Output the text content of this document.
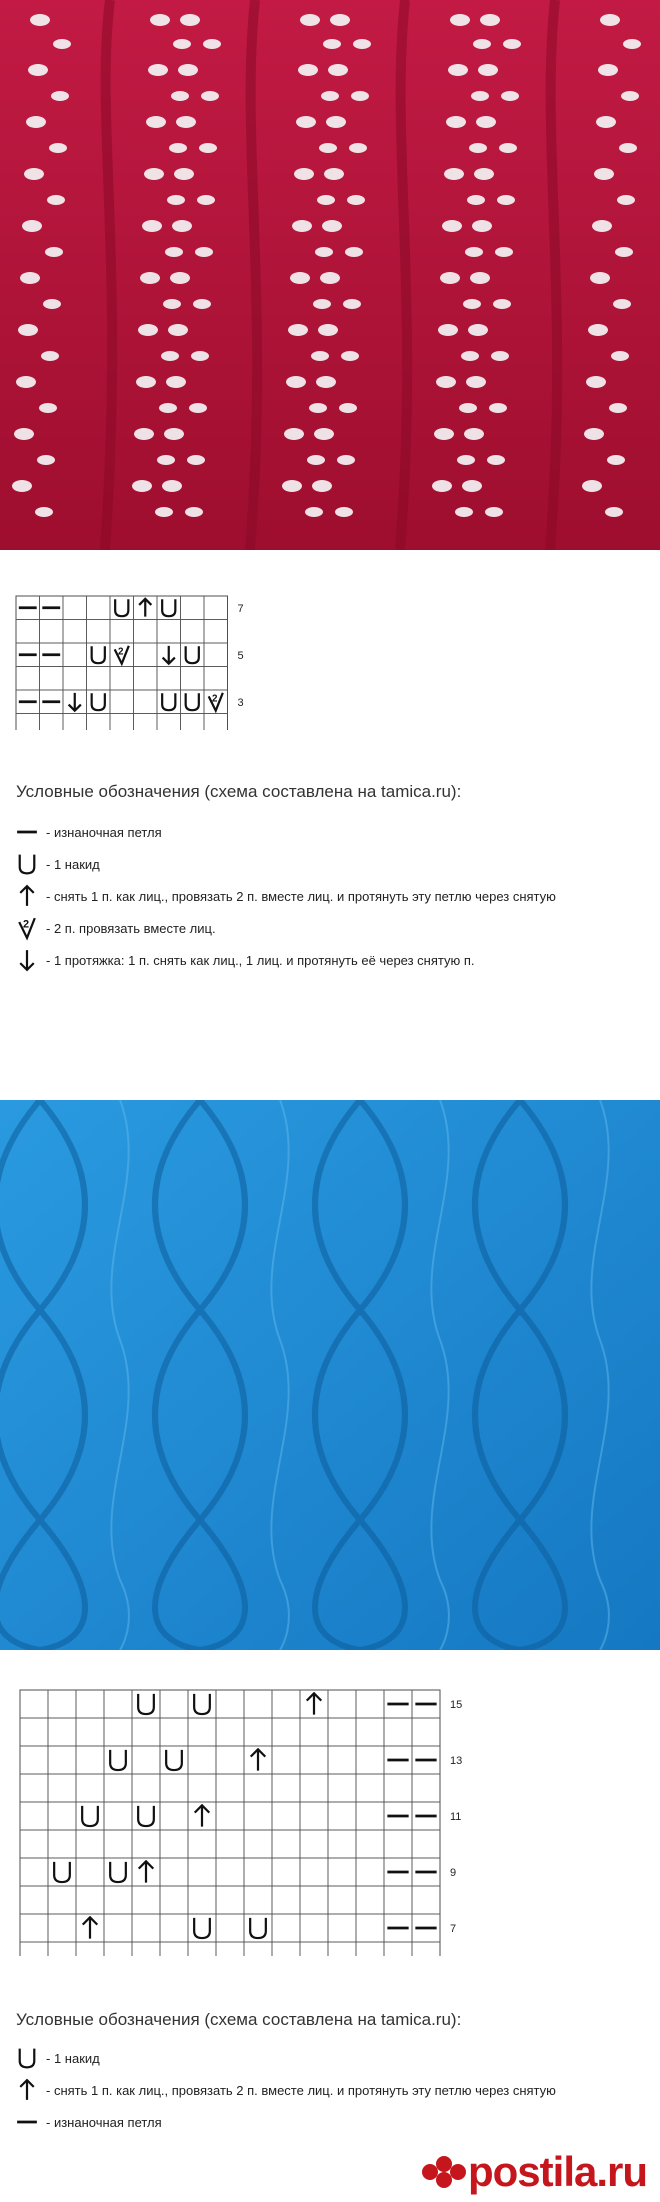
7
2	5
2 3
Условные обозначения (схема составлена на tamica.ru):
- изнаночная петля
- 1 накид
- снять 1 п. как лиц., провязать 2 п. вместе лиц. и протянуть эту петлю через снятую
2 - 2 п. провязать вместе лиц.
- 1 протяжка: 1 п. снять как лиц., 1 лиц. и протянуть её через снятую п.
15
13
11
9
7
Условные обозначения (схема составлена на tamica.ru):
- 1 накид
- снять 1 п. как лиц., провязать 2 п. вместе лиц. и протянуть эту петлю через снятую
- изнаночная петля
postila.ru
